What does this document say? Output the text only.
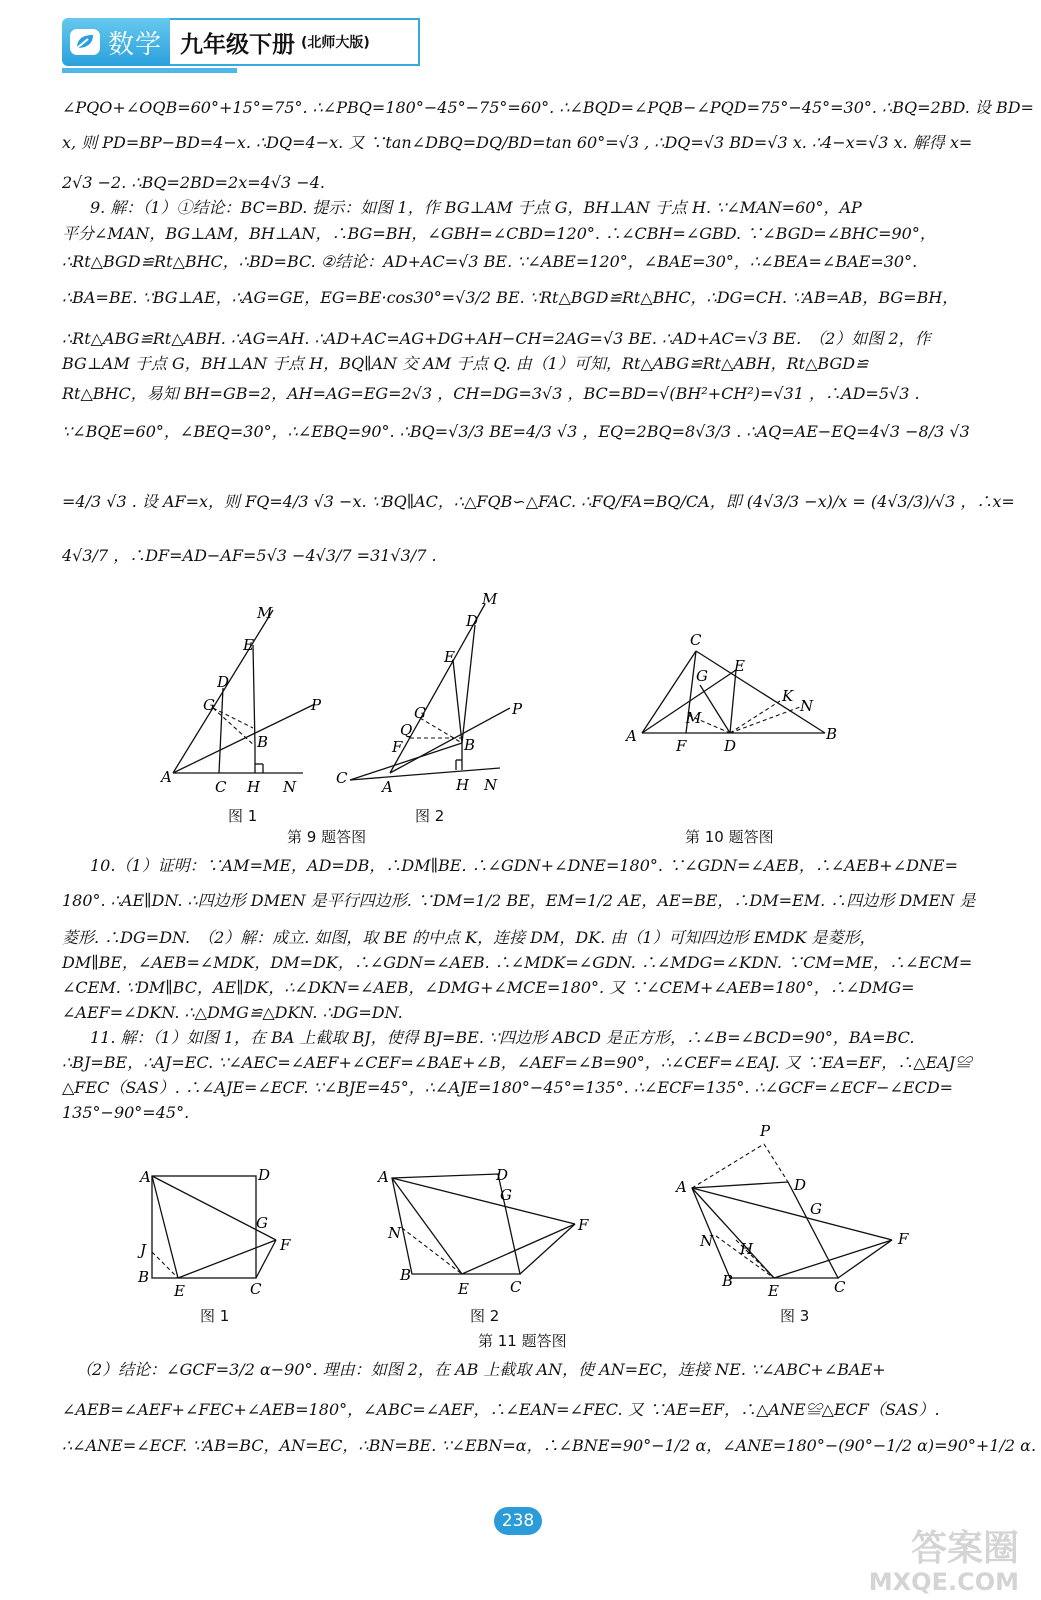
数学 九年级下册 (北师大版)
∠PQO+∠OQB=60°+15°=75°. ∴∠PBQ=180°−45°−75°=60°. ∴∠BQD=∠PQB−∠PQD=75°−45°=30°. ∴BQ=2BD. 设 BD=
x, 则 PD=BP−BD=4−x. ∴DQ=4−x. 又 ∵tan∠DBQ=DQ/BD=tan 60°=√3 , ∴DQ=√3 BD=√3 x. ∴4−x=√3 x. 解得 x=
2√3 −2. ∴BQ=2BD=2x=4√3 −4.
9. 解：（1）①结论：BC=BD. 提示：如图 1，作 BG⊥AM 于点 G，BH⊥AN 于点 H. ∵∠MAN=60°，AP
平分∠MAN，BG⊥AM，BH⊥AN，∴BG=BH，∠GBH=∠CBD=120°. ∴∠CBH=∠GBD. ∵∠BGD=∠BHC=90°，
∴Rt△BGD≌Rt△BHC，∴BD=BC. ②结论：AD+AC=√3 BE. ∵∠ABE=120°，∠BAE=30°，∴∠BEA=∠BAE=30°.
∴BA=BE. ∵BG⊥AE，∴AG=GE，EG=BE·cos30°=√3/2 BE. ∵Rt△BGD≌Rt△BHC，∴DG=CH. ∵AB=AB，BG=BH，
∴Rt△ABG≌Rt△ABH. ∴AG=AH. ∴AD+AC=AG+DG+AH−CH=2AG=√3 BE. ∴AD+AC=√3 BE.　（2）如图 2，作
BG⊥AM 于点 G，BH⊥AN 于点 H，BQ∥AN 交 AM 于点 Q. 由（1）可知，Rt△ABG≌Rt△ABH，Rt△BGD≌
Rt△BHC，易知 BH=GB=2，AH=AG=EG=2√3 ，CH=DG=3√3 ，BC=BD=√(BH²+CH²)=√31 ，∴AD=5√3 .
∵∠BQE=60°，∠BEQ=30°，∴∠EBQ=90°. ∴BQ=√3/3 BE=4/3 √3 ，EQ=2BQ=8√3/3 . ∴AQ=AE−EQ=4√3 −8/3 √3
=4/3 √3 . 设 AF=x，则 FQ=4/3 √3 −x. ∵BQ∥AC，∴△FQB∽△FAC. ∴FQ/FA=BQ/CA，即 (4√3/3 −x)/x = (4√3/3)/√3 ，∴x=
4√3/7 ，∴DF=AD−AF=5√3 −4√3/7 =31√3/7 .
M
E
D
G	P
B
A
C H N
图 1
M
D
E
G
Q
F
P
B
C A	H N
图 2
第 9 题答图
C
E
G
K
N
M
A
F	D
B
第 10 题答图
10.（1）证明：∵AM=ME，AD=DB，∴DM∥BE. ∴∠GDN+∠DNE=180°. ∵∠GDN=∠AEB，∴∠AEB+∠DNE=
180°. ∴AE∥DN. ∴四边形 DMEN 是平行四边形. ∵DM=1/2 BE，EM=1/2 AE，AE=BE，∴DM=EM. ∴四边形 DMEN 是
菱形. ∴DG=DN.　（2）解：成立. 如图，取 BE 的中点 K，连接 DM，DK. 由（1）可知四边形 EMDK 是菱形，
DM∥BE，∠AEB=∠MDK，DM=DK，∴∠GDN=∠AEB. ∴∠MDK=∠GDN. ∴∠MDG=∠KDN. ∵CM=ME，∴∠ECM=
∠CEM. ∵DM∥BC，AE∥DK，∴∠DKN=∠AEB，∠DMG+∠MCE=180°. 又 ∵∠CEM+∠AEB=180°，∴∠DMG=
∠AEF=∠DKN. ∴△DMG≌△DKN. ∴DG=DN.
11. 解：（1）如图 1，在 BA 上截取 BJ，使得 BJ=BE. ∵四边形 ABCD 是正方形，∴∠B=∠BCD=90°，BA=BC.
∴BJ=BE，∴AJ=EC. ∵∠AEC=∠AEF+∠CEF=∠BAE+∠B，∠AEF=∠B=90°，∴∠CEF=∠EAJ. 又 ∵EA=EF，∴△EAJ≌
△FEC（SAS）. ∴∠AJE=∠ECF. ∵∠BJE=45°，∴∠AJE=180°−45°=135°. ∴∠ECF=135°. ∴∠GCF=∠ECF−∠ECD=
135°−90°=45°.
A	D
G
F
J
B
E	C
图 1
A	D
G
F
N
B
E	C
图 2
第 11 题答图
P
A	D
G
F
N H
B
E	C
图 3
（2）结论：∠GCF=3/2 α−90°. 理由：如图 2，在 AB 上截取 AN，使 AN=EC，连接 NE. ∵∠ABC+∠BAE+
∠AEB=∠AEF+∠FEC+∠AEB=180°，∠ABC=∠AEF，∴∠EAN=∠FEC. 又 ∵AE=EF，∴△ANE≌△ECF（SAS）.
∴∠ANE=∠ECF. ∵AB=BC，AN=EC，∴BN=BE. ∵∠EBN=α，∴∠BNE=90°−1/2 α，∠ANE=180°−(90°−1/2 α)=90°+1/2 α.
238
答案圈
MXQE.COM
